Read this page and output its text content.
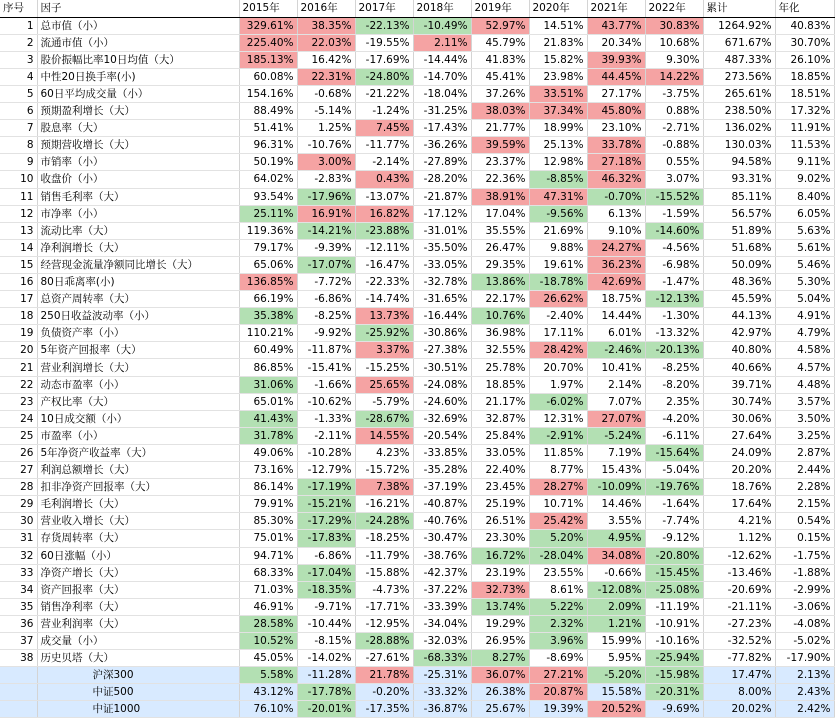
序号	因子	2015年	2016年	2017年	2018年	2019年	2020年	2021年	2022年	累计	年化
1	总市值（小）	329.61%	38.35%	-22.13%	-10.49%	52.97%	14.51%	43.77%	30.83%	1264.92%	40.83%
2	流通市值（小）	225.40%	22.03%	-19.55%	2.11%	45.79%	21.83%	20.34%	10.68%	671.67%	30.70%
3	股价振幅比率10日均值（大）	185.13%	16.42%	-17.69%	-14.44%	41.83%	15.82%	39.93%	9.30%	487.33%	26.10%
4	中性20日换手率(小)	60.08%	22.31%	-24.80%	-14.70%	45.41%	23.98%	44.45%	14.22%	273.56%	18.85%
5	60日平均成交量（小）	154.16%	-0.68%	-21.22%	-18.04%	37.26%	33.51%	27.17%	-3.75%	265.61%	18.51%
6	预期盈利增长（大）	88.49%	-5.14%	-1.24%	-31.25%	38.03%	37.34%	45.80%	0.88%	238.50%	17.32%
7	股息率（大）	51.41%	1.25%	7.45%	-17.43%	21.77%	18.99%	23.10%	-2.71%	136.02%	11.91%
8	预期营收增长（大）	96.31%	-10.76%	-11.77%	-36.26%	39.59%	25.13%	33.78%	-0.88%	130.03%	11.53%
9	市销率（小）	50.19%	3.00%	-2.14%	-27.89%	23.37%	12.98%	27.18%	0.55%	94.58%	9.11%
10	收盘价（小）	64.02%	-2.83%	0.43%	-28.20%	22.36%	-8.85%	46.32%	3.07%	93.31%	9.02%
11	销售毛利率（大）	93.54%	-17.96%	-13.07%	-21.87%	38.91%	47.31%	-0.70%	-15.52%	85.11%	8.40%
12	市净率（小）	25.11%	16.91%	16.82%	-17.12%	17.04%	-9.56%	6.13%	-1.59%	56.57%	6.05%
13	流动比率（大）	119.36%	-14.21%	-23.88%	-31.01%	35.55%	21.69%	9.10%	-14.60%	51.89%	5.63%
14	净利润增长（大）	79.17%	-9.39%	-12.11%	-35.50%	26.47%	9.88%	24.27%	-4.56%	51.68%	5.61%
15	经营现金流量净额同比增长（大）	65.06%	-17.07%	-16.47%	-33.05%	29.35%	19.61%	36.23%	-6.98%	50.09%	5.46%
16	80日乖离率(小)	136.85%	-7.72%	-22.33%	-32.78%	13.86%	-18.78%	42.69%	-1.47%	48.36%	5.30%
17	总资产周转率（大）	66.19%	-6.86%	-14.74%	-31.65%	22.17%	26.62%	18.75%	-12.13%	45.59%	5.04%
18	250日收益波动率（小）	35.38%	-8.25%	13.73%	-16.44%	10.76%	-2.40%	14.44%	-1.30%	44.13%	4.91%
19	负债资产率（小）	110.21%	-9.92%	-25.92%	-30.86%	36.98%	17.11%	6.01%	-13.32%	42.97%	4.79%
20	5年资产回报率（大）	60.49%	-11.87%	3.37%	-27.38%	32.55%	28.42%	-2.46%	-20.13%	40.80%	4.58%
21	营业利润增长（大）	86.85%	-15.41%	-15.25%	-30.51%	25.78%	20.70%	10.41%	-8.25%	40.66%	4.57%
22	动态市盈率（小）	31.06%	-1.66%	25.65%	-24.08%	18.85%	1.97%	2.14%	-8.20%	39.71%	4.48%
23	产权比率（大）	65.01%	-10.62%	-5.79%	-24.60%	21.17%	-6.02%	7.07%	2.35%	30.74%	3.57%
24	10日成交额（小）	41.43%	-1.33%	-28.67%	-32.69%	32.87%	12.31%	27.07%	-4.20%	30.06%	3.50%
25	市盈率（小）	31.78%	-2.11%	14.55%	-20.54%	25.84%	-2.91%	-5.24%	-6.11%	27.64%	3.25%
26	5年净资产收益率（大）	49.06%	-10.28%	4.23%	-33.85%	33.05%	11.85%	7.19%	-15.64%	24.09%	2.87%
27	利润总额增长（大）	73.16%	-12.79%	-15.72%	-35.28%	22.40%	8.77%	15.43%	-5.04%	20.20%	2.44%
28	扣非净资产回报率（大）	86.14%	-17.19%	7.38%	-37.19%	23.45%	28.27%	-10.09%	-19.76%	18.76%	2.28%
29	毛利润增长（大）	79.91%	-15.21%	-16.21%	-40.87%	25.19%	10.71%	14.46%	-1.64%	17.64%	2.15%
30	营业收入增长（大）	85.30%	-17.29%	-24.28%	-40.76%	26.51%	25.42%	3.55%	-7.74%	4.21%	0.54%
31	存货周转率（大）	75.01%	-17.83%	-18.25%	-30.47%	23.30%	5.20%	4.95%	-9.12%	1.12%	0.15%
32	60日涨幅（小）	94.71%	-6.86%	-11.79%	-38.76%	16.72%	-28.04%	34.08%	-20.80%	-12.62%	-1.75%
33	净资产增长（大）	68.33%	-17.04%	-15.88%	-42.37%	23.19%	23.55%	-0.66%	-15.45%	-13.46%	-1.88%
34	资产回报率（大）	71.03%	-18.35%	-4.73%	-37.22%	32.73%	8.61%	-12.08%	-25.08%	-20.69%	-2.99%
35	销售净利率（大）	46.91%	-9.71%	-17.71%	-33.39%	13.74%	5.22%	2.09%	-11.19%	-21.11%	-3.06%
36	营业利润率（大）	28.58%	-10.44%	-12.95%	-34.04%	19.29%	2.32%	1.21%	-10.91%	-27.23%	-4.08%
37	成交量（小）	10.52%	-8.15%	-28.88%	-32.03%	26.95%	3.96%	15.99%	-10.16%	-32.52%	-5.02%
38	历史贝塔（大）	45.05%	-14.02%	-27.61%	-68.33%	8.27%	-8.69%	5.95%	-25.94%	-77.82%	-17.90%
	沪深300	5.58%	-11.28%	21.78%	-25.31%	36.07%	27.21%	-5.20%	-15.98%	17.47%	2.13%
	中证500	43.12%	-17.78%	-0.20%	-33.32%	26.38%	20.87%	15.58%	-20.31%	8.00%	2.43%
	中证1000	76.10%	-20.01%	-17.35%	-36.87%	25.67%	19.39%	20.52%	-9.69%	20.02%	2.42%
